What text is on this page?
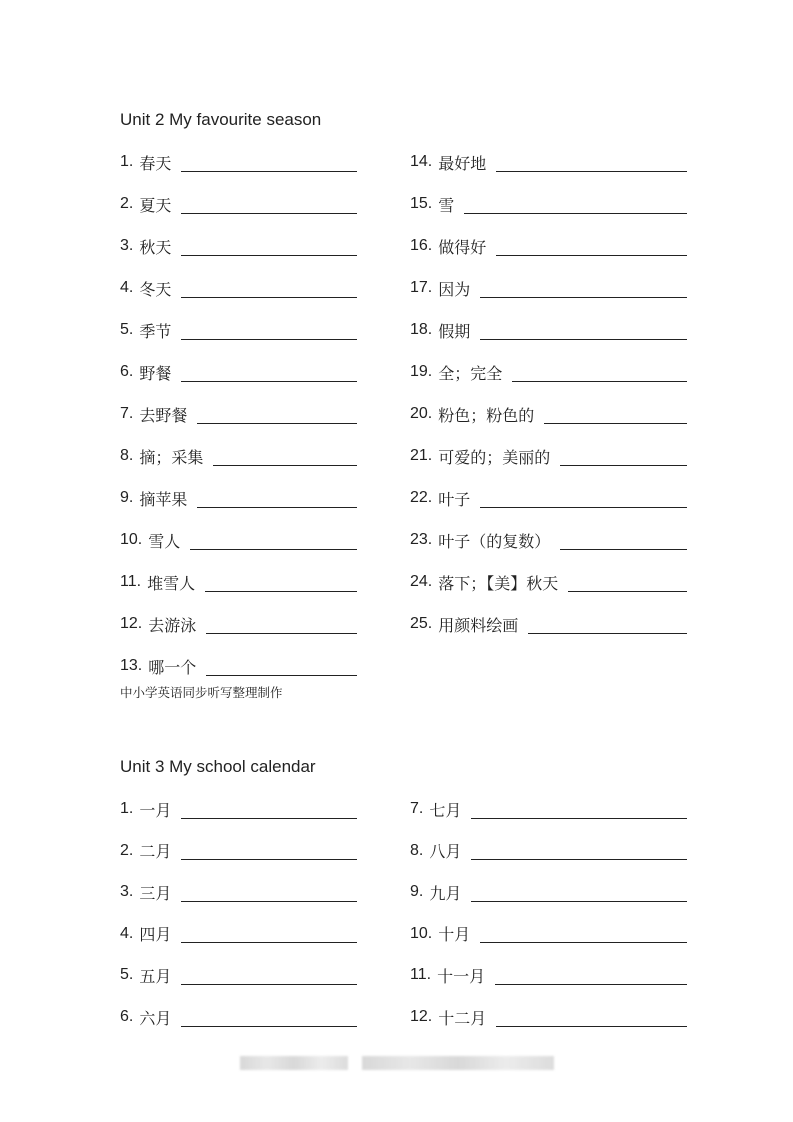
Unit 2 My favourite season
1. 春天
2. 夏天
3. 秋天
4. 冬天
5. 季节
6. 野餐
7. 去野餐
8. 摘；采集
9. 摘苹果
10. 雪人
11. 堆雪人
12. 去游泳
13. 哪一个
14. 最好地
15. 雪
16. 做得好
17. 因为
18. 假期
19. 全；完全
20. 粉色；粉色的
21. 可爱的；美丽的
22. 叶子
23. 叶子（的复数）
24. 落下；【美】秋天
25. 用颜料绘画
中小学英语同步听写整理制作
Unit 3 My school calendar
1. 一月
2. 二月
3. 三月
4. 四月
5. 五月
6. 六月
7. 七月
8. 八月
9. 九月
10. 十月
11. 十一月
12. 十二月
